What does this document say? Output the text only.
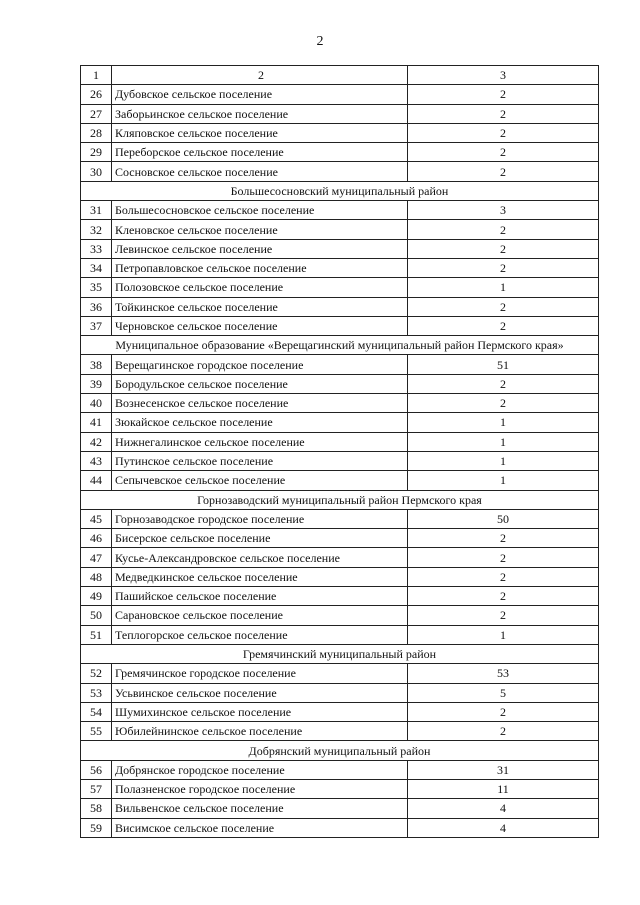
2
1	2	3
26	Дубовское сельское поселение	2
27	Заборьинское сельское поселение	2
28	Кляповское сельское поселение	2
29	Переборское сельское поселение	2
30	Сосновское сельское поселение	2
Большесосновский муниципальный район		
31	Большесосновское сельское поселение	3
32	Кленовское сельское поселение	2
33	Левинское сельское поселение	2
34	Петропавловское сельское поселение	2
35	Полозовское сельское поселение	1
36	Тойкинское сельское поселение	2
37	Черновское сельское поселение	2
Муниципальное образование «Верещагинский муниципальный район Пермского края»		
38	Верещагинское городское поселение	51
39	Бородульское сельское поселение	2
40	Вознесенское сельское поселение	2
41	Зюкайское сельское поселение	1
42	Нижнегалинское сельское поселение	1
43	Путинское сельское поселение	1
44	Сепычевское сельское поселение	1
Горнозаводский муниципальный район Пермского края		
45	Горнозаводское городское поселение	50
46	Бисерское сельское поселение	2
47	Кусье-Александровское сельское поселение	2
48	Медведкинское сельское поселение	2
49	Пашийское сельское поселение	2
50	Сарановское сельское поселение	2
51	Теплогорское сельское поселение	1
Гремячинский муниципальный район		
52	Гремячинское городское поселение	53
53	Усьвинское сельское поселение	5
54	Шумихинское сельское поселение	2
55	Юбилейнинское сельское поселение	2
Добрянский муниципальный район		
56	Добрянское городское поселение	31
57	Полазненское городское поселение	11
58	Вильвенское сельское поселение	4
59	Висимское сельское поселение	4
